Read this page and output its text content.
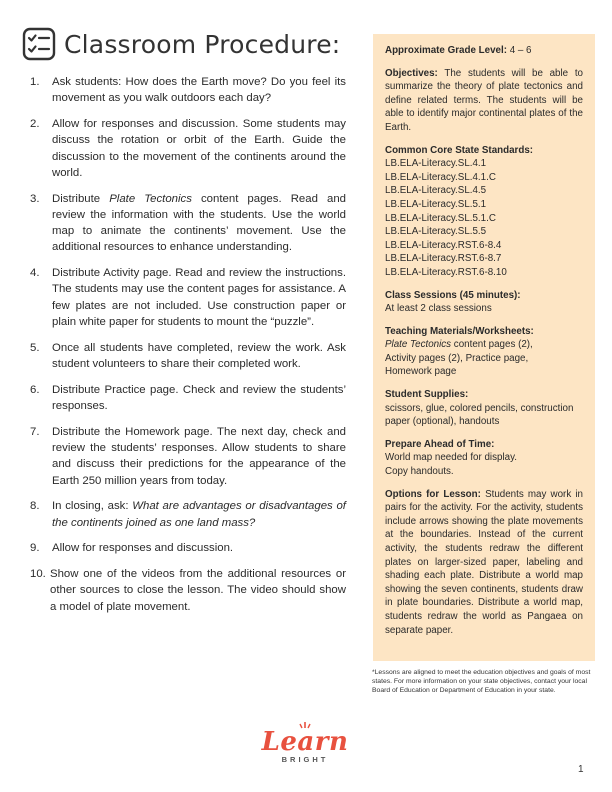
Classroom Procedure:
1.	Ask students: How does the Earth move? Do you feel its movement as you walk outdoors each day?
2.	Allow for responses and discussion. Some students may discuss the rotation or orbit of the Earth. Guide the discussion to the movement of the continents around the world.
3.	Distribute Plate Tectonics content pages. Read and review the information with the students. Use the world map to animate the continents’ movement. Use the additional resources to enhance understanding.
4.	Distribute Activity page. Read and review the instructions. The students may use the content pages for assistance. A few plates are not included. Use construction paper or plain white paper for students to mount the “puzzle”.
5.	Once all students have completed, review the work. Ask student volunteers to share their completed work.
6.	Distribute Practice page. Check and review the students’ responses.
7.	Distribute the Homework page. The next day, check and review the students’ responses. Allow students to share and discuss their predictions for the appearance of the Earth 250 million years from today.
8.	In closing, ask: What are advantages or disadvantages of the continents joined as one land mass?
9.	Allow for responses and discussion.
10. Show one of the videos from the additional resources or other sources to close the lesson. The video should show a model of plate movement.
Approximate Grade Level: 4 – 6
Objectives: The students will be able to summarize the theory of plate tectonics and define related terms. The students will be able to identify major continental plates of the Earth.
Common Core State Standards:
LB.ELA-Literacy.SL.4.1
LB.ELA-Literacy.SL.4.1.C
LB.ELA-Literacy.SL.4.5
LB.ELA-Literacy.SL.5.1
LB.ELA-Literacy.SL.5.1.C
LB.ELA-Literacy.SL.5.5
LB.ELA-Literacy.RST.6-8.4
LB.ELA-Literacy.RST.6-8.7
LB.ELA-Literacy.RST.6-8.10
Class Sessions (45 minutes):
At least 2 class sessions
Teaching Materials/Worksheets:
Plate Tectonics content pages (2), Activity pages (2), Practice page, Homework page
Student Supplies:
scissors, glue, colored pencils, construction paper (optional), handouts
Prepare Ahead of Time:
World map needed for display.
Copy handouts.
Options for Lesson: Students may work in pairs for the activity. For the activity, students include arrows showing the plate movements at the boundaries. Instead of the current activity, the students redraw the different plates on larger-sized paper, labeling and shading each plate. Distribute a world map showing the seven continents, students draw in plate boundaries. Distribute a world map, students redraw the world as Pangaea on separate paper.
*Lessons are aligned to meet the education objectives and goals of most states. For more information on your state objectives, contact your local Board of Education or Department of Education in your state.
Learn
BRIGHT
1
